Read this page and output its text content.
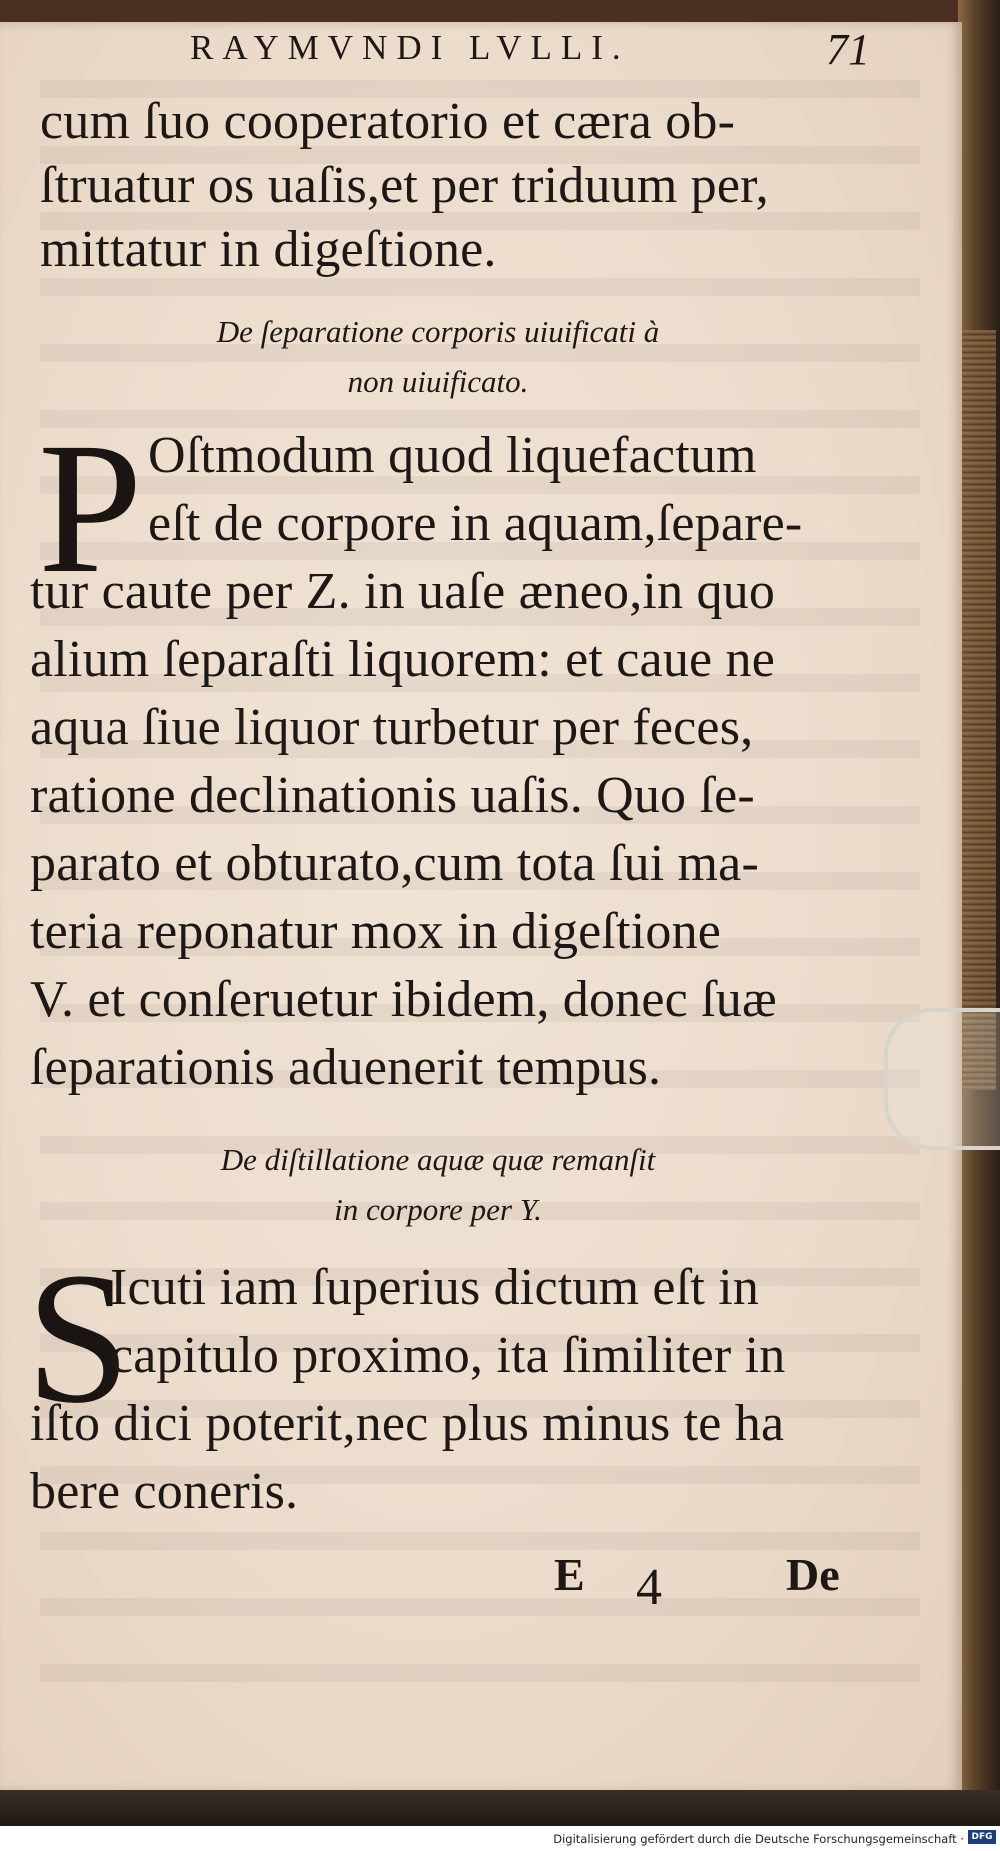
RAYMVNDI LVLLI.	71
cum ſuo cooperatorio et cæra ob-
ſtruatur os uaſis,et per triduum per,
mittatur in digeſtione.
De ſeparatione corporis uiuificati à
non uiuificato.
P Oſtmodum quod liquefactum
eſt de corpore in aquam,ſepare-
tur caute per Z. in uaſe æneo,in quo
alium ſeparaſti liquorem: et caue ne
aqua ſiue liquor turbetur per feces,
ratione declinationis uaſis. Quo ſe-
parato et obturato,cum tota ſui ma-
teria reponatur mox in digeſtione
V. et conſeruetur ibidem, donec ſuæ
ſeparationis aduenerit tempus.
De diſtillatione aquæ quæ remanſit
in corpore per Y.
S
Icuti iam ſuperius dictum eſt in
capitulo proximo, ita ſimiliter in
iſto dici poterit,nec plus minus te ha
bere coneris.
E 4	De
Digitalisierung gefördert durch die Deutsche Forschungsgemeinschaft · DFG
